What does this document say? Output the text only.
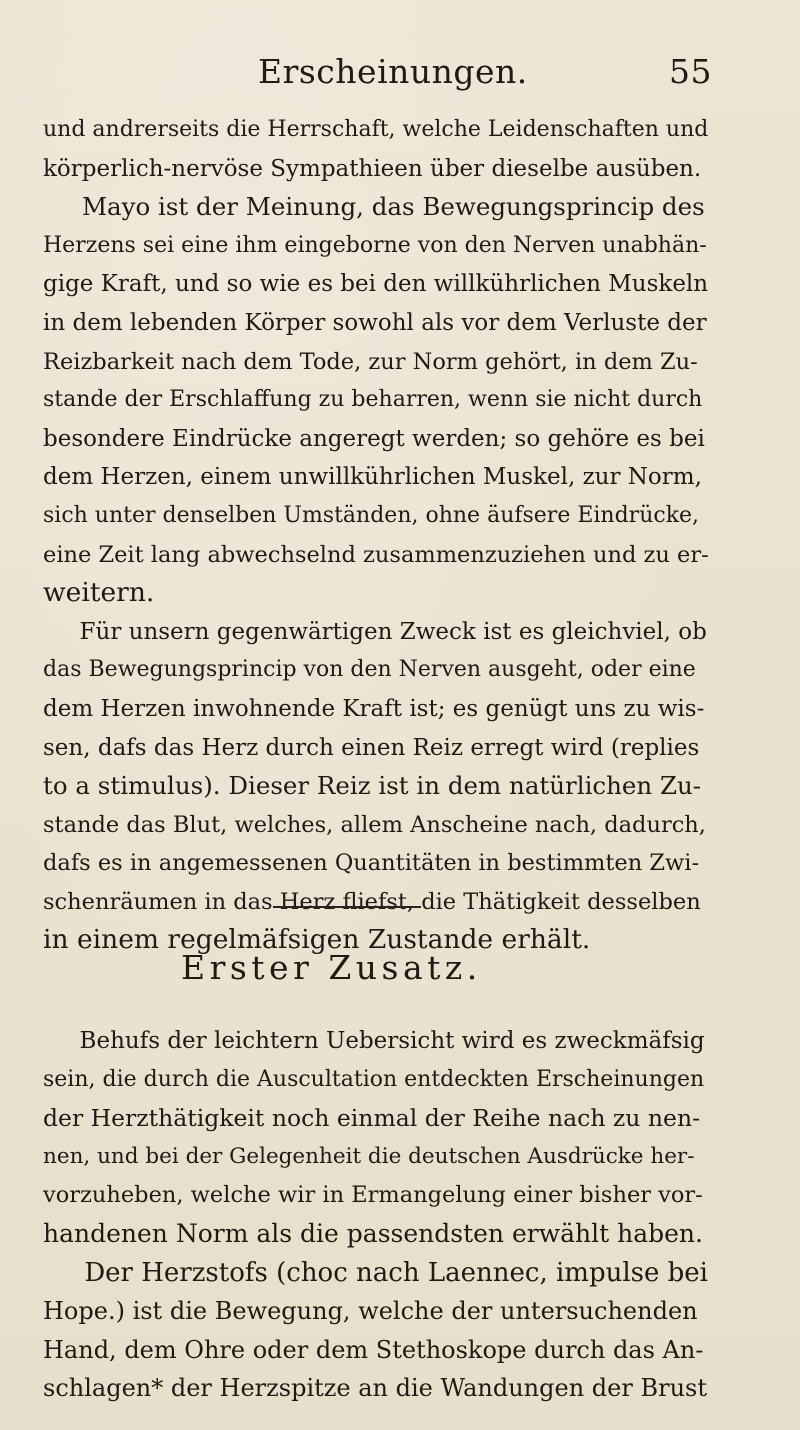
Erscheinungen.	55
und andrerseits die Herrschaft, welche Leidenschaften und
körperlich-nervöse Sympathieen über dieselbe ausüben.
Mayo ist der Meinung, das Bewegungsprincip des
Herzens sei eine ihm eingeborne von den Nerven unabhän-
gige Kraft, und so wie es bei den willkührlichen Muskeln
in dem lebenden Körper sowohl als vor dem Verluste der
Reizbarkeit nach dem Tode, zur Norm gehört, in dem Zu-
stande der Erschlaffung zu beharren, wenn sie nicht durch
besondere Eindrücke angeregt werden; so gehöre es bei
dem Herzen, einem unwillkührlichen Muskel, zur Norm,
sich unter denselben Umständen, ohne äufsere Eindrücke,
eine Zeit lang abwechselnd zusammenzuziehen und zu er-
weitern.
Für unsern gegenwärtigen Zweck ist es gleichviel, ob
das Bewegungsprincip von den Nerven ausgeht, oder eine
dem Herzen inwohnende Kraft ist; es genügt uns zu wis-
sen, dafs das Herz durch einen Reiz erregt wird (replies
to a stimulus). Dieser Reiz ist in dem natürlichen Zu-
stande das Blut, welches, allem Anscheine nach, dadurch,
dafs es in angemessenen Quantitäten in bestimmten Zwi-
schenräumen in das Herz fliefst, die Thätigkeit desselben
in einem regelmäfsigen Zustande erhält.
Erster Zusatz.
Behufs der leichtern Uebersicht wird es zweckmäfsig
sein, die durch die Auscultation entdeckten Erscheinungen
der Herzthätigkeit noch einmal der Reihe nach zu nen-
nen, und bei der Gelegenheit die deutschen Ausdrücke her-
vorzuheben, welche wir in Ermangelung einer bisher vor-
handenen Norm als die passendsten erwählt haben.
Der Herzstofs (choc nach Laennec, impulse bei
Hope.) ist die Bewegung, welche der untersuchenden
Hand, dem Ohre oder dem Stethoskope durch das An-
schlagen* der Herzspitze an die Wandungen der Brust
